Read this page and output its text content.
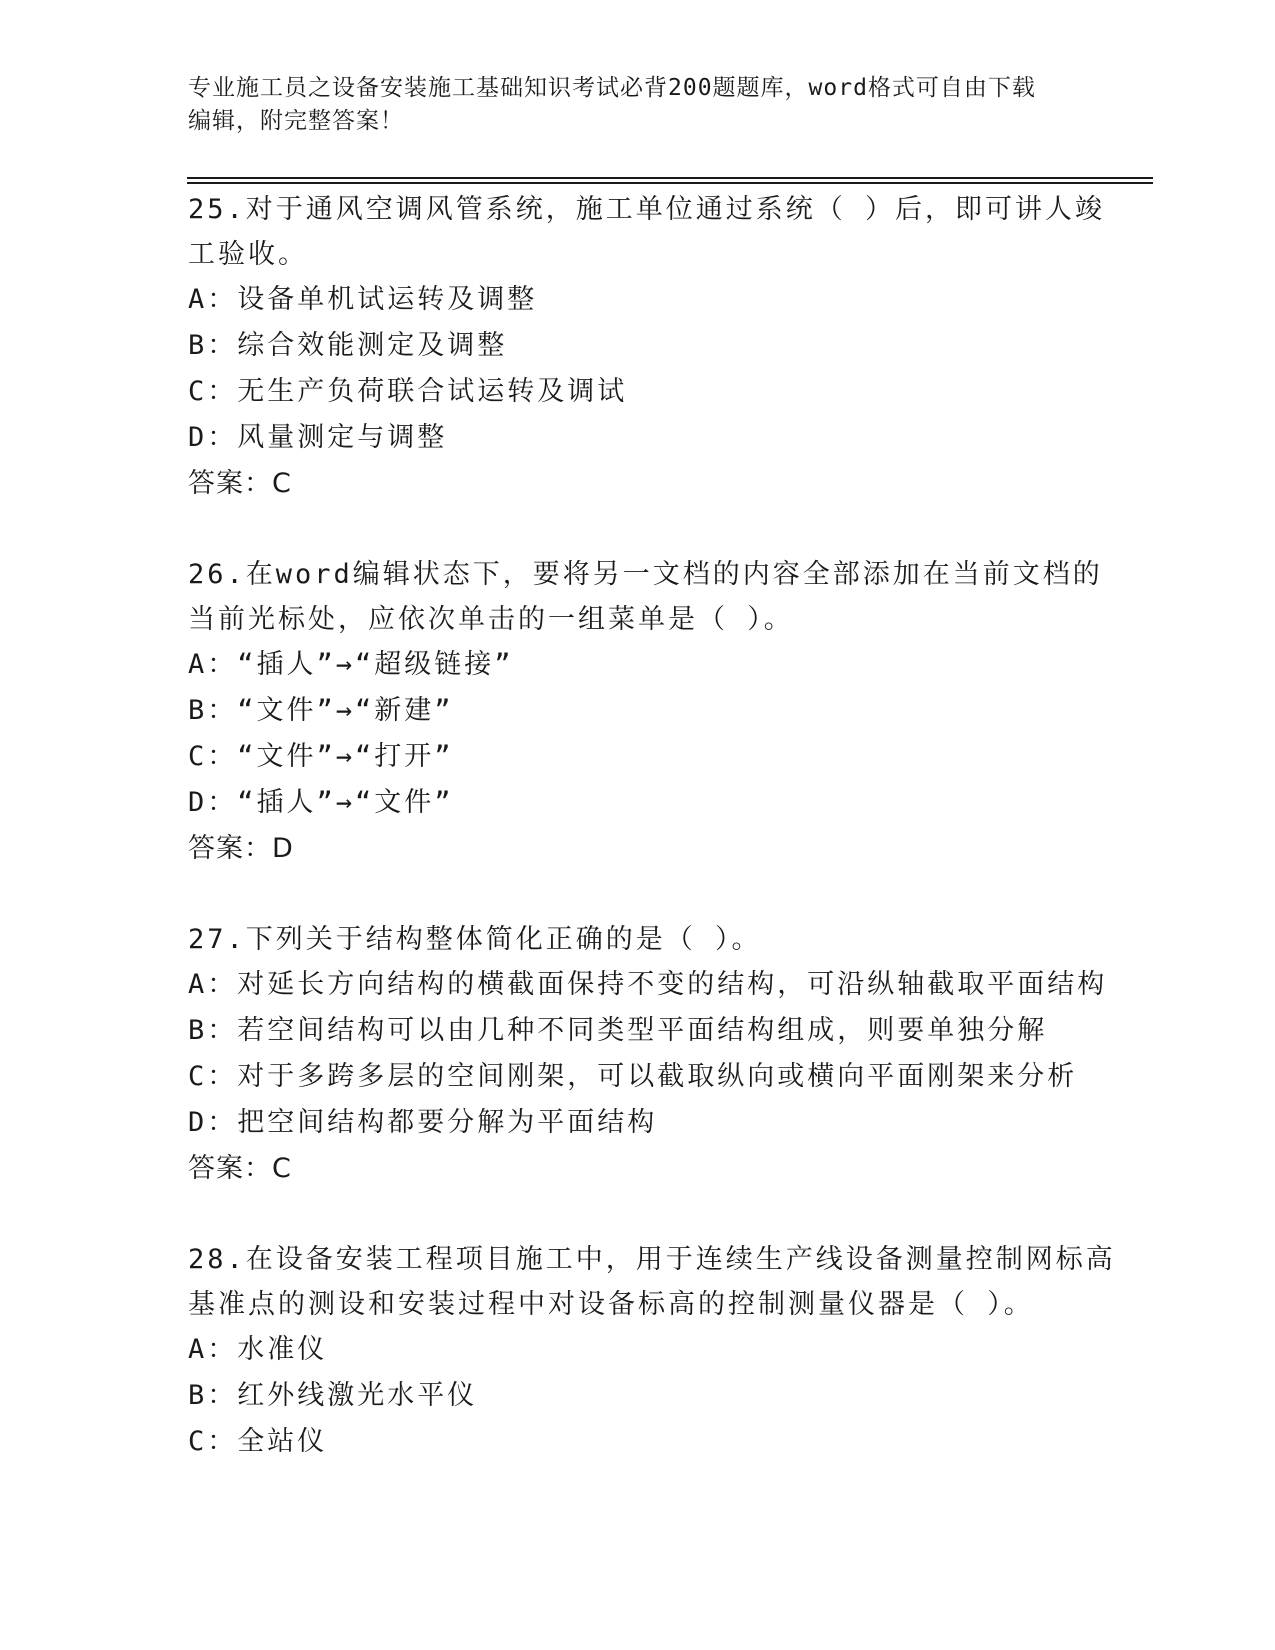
专业施工员之设备安装施工基础知识考试必背200题题库，word格式可自由下载
编辑，附完整答案！
25.对于通风空调风管系统，施工单位通过系统（ ）后，即可讲人竣
工验收。
A：设备单机试运转及调整
B：综合效能测定及调整
C：无生产负荷联合试运转及调试
D：风量测定与调整
答案：C
26.在word编辑状态下，要将另一文档的内容全部添加在当前文档的
当前光标处，应依次单击的一组菜单是（ ）。
A：“插人”→“超级链接”
B：“文件”→“新建”
C：“文件”→“打开”
D：“插人”→“文件”
答案：D
27.下列关于结构整体简化正确的是（ ）。
A：对延长方向结构的横截面保持不变的结构，可沿纵轴截取平面结构
B：若空间结构可以由几种不同类型平面结构组成，则要单独分解
C：对于多跨多层的空间刚架，可以截取纵向或横向平面刚架来分析
D：把空间结构都要分解为平面结构
答案：C
28.在设备安装工程项目施工中，用于连续生产线设备测量控制网标高
基准点的测设和安装过程中对设备标高的控制测量仪器是（ ）。
A：水准仪
B：红外线激光水平仪
C：全站仪
